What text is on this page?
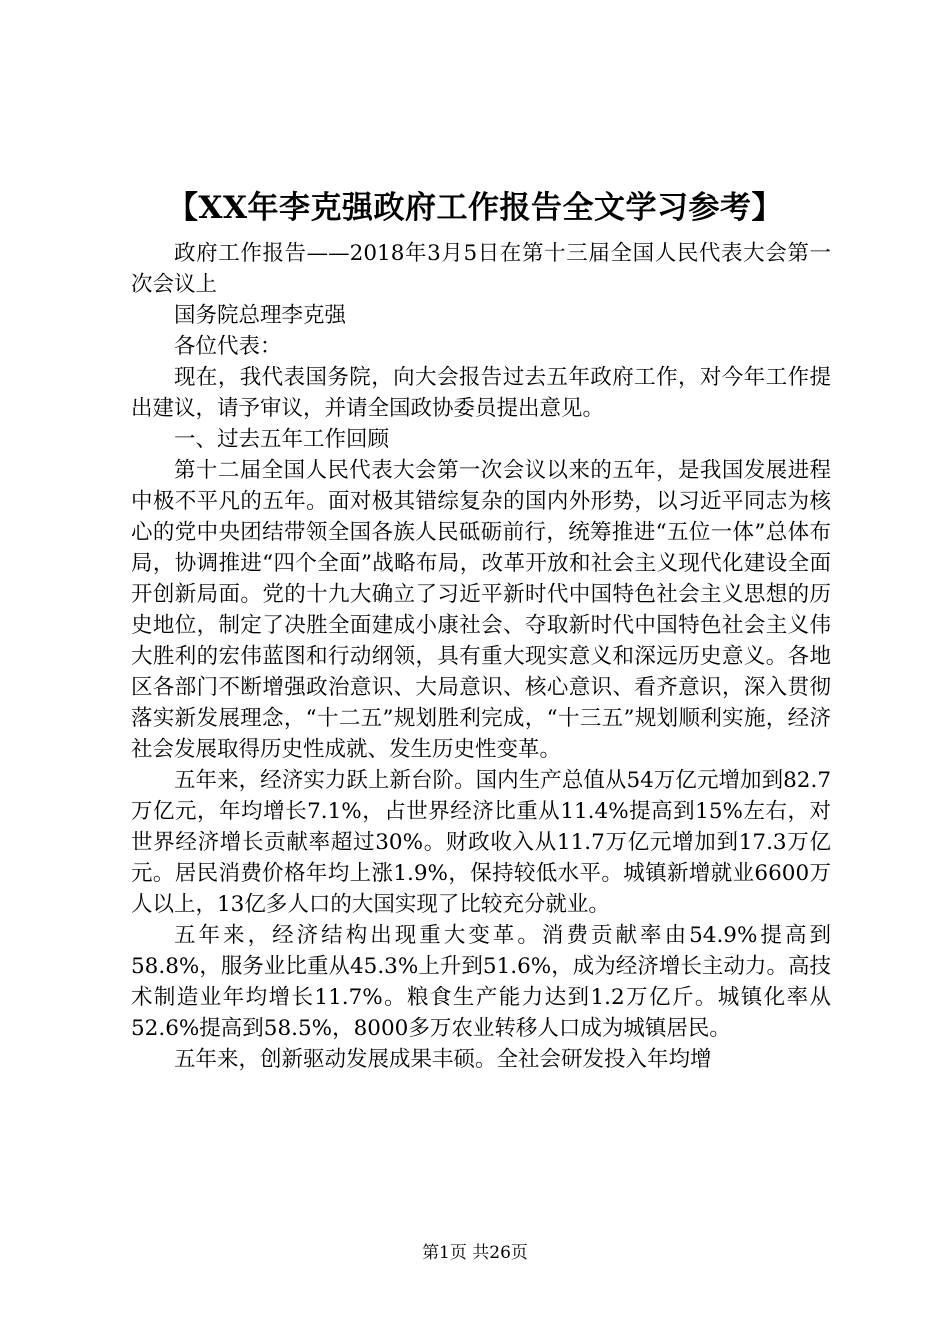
【XX年李克强政府工作报告全文学习参考】

政府工作报告——2018年3月5日在第十三届全国人民代表大会第一次会议上

国务院总理李克强

各位代表：

现在，我代表国务院，向大会报告过去五年政府工作，对今年工作提出建议，请予审议，并请全国政协委员提出意见。

一、过去五年工作回顾

第十二届全国人民代表大会第一次会议以来的五年，是我国发展进程中极不平凡的五年。面对极其错综复杂的国内外形势，以习近平同志为核心的党中央团结带领全国各族人民砥砺前行，统筹推进“五位一体”总体布局，协调推进“四个全面”战略布局，改革开放和社会主义现代化建设全面开创新局面。党的十九大确立了习近平新时代中国特色社会主义思想的历史地位，制定了决胜全面建成小康社会、夺取新时代中国特色社会主义伟大胜利的宏伟蓝图和行动纲领，具有重大现实意义和深远历史意义。各地区各部门不断增强政治意识、大局意识、核心意识、看齐意识，深入贯彻落实新发展理念，“十二五”规划胜利完成，“十三五”规划顺利实施，经济社会发展取得历史性成就、发生历史性变革。

五年来，经济实力跃上新台阶。国内生产总值从54万亿元增加到82.7万亿元，年均增长7.1%，占世界经济比重从11.4%提高到15%左右，对世界经济增长贡献率超过30%。财政收入从11.7万亿元增加到17.3万亿元。居民消费价格年均上涨1.9%，保持较低水平。城镇新增就业6600万人以上，13亿多人口的大国实现了比较充分就业。

五年来，经济结构出现重大变革。消费贡献率由54.9%提高到58.8%，服务业比重从45.3%上升到51.6%，成为经济增长主动力。高技术制造业年均增长11.7%。粮食生产能力达到1.2万亿斤。城镇化率从52.6%提高到58.5%，8000多万农业转移人口成为城镇居民。

五年来，创新驱动发展成果丰硕。全社会研发投入年均增

第1页 共26页
